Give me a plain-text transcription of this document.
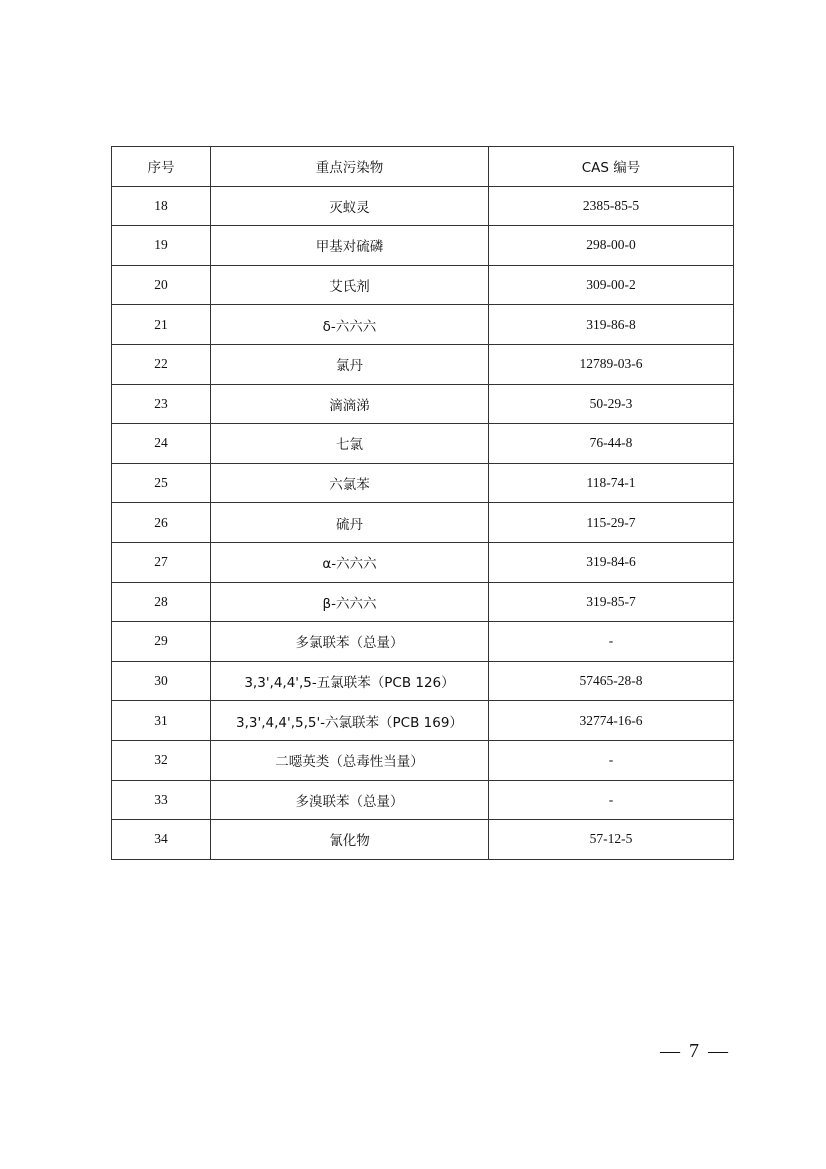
序号	重点污染物	CAS 编号
18	灭蚁灵	2385-85-5
19	甲基对硫磷	298-00-0
20	艾氏剂	309-00-2
21	δ-六六六	319-86-8
22	氯丹	12789-03-6
23	滴滴涕	50-29-3
24	七氯	76-44-8
25	六氯苯	118-74-1
26	硫丹	115-29-7
27	α-六六六	319-84-6
28	β-六六六	319-85-7
29	多氯联苯（总量）	-
30	3,3',4,4',5-五氯联苯（PCB 126）	57465-28-8
31	3,3',4,4',5,5'-六氯联苯（PCB 169）	32774-16-6
32	二噁英类（总毒性当量）	-
33	多溴联苯（总量）	-
34	氰化物	57-12-5
— 7 —
